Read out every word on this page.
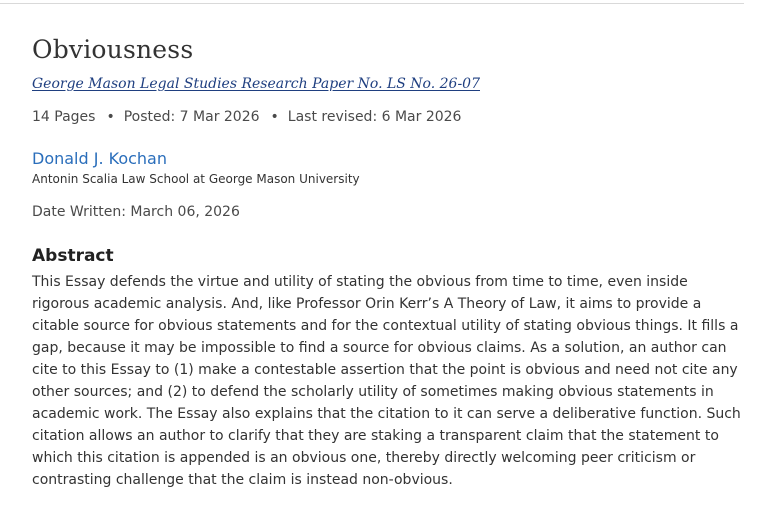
Obviousness
George Mason Legal Studies Research Paper No. LS No. 26-07
14 Pages • Posted: 7 Mar 2026 • Last revised: 6 Mar 2026
Donald J. Kochan
Antonin Scalia Law School at George Mason University
Date Written: March 06, 2026
Abstract

This Essay defends the virtue and utility of stating the obvious from time to time, even inside rigorous academic analysis. And, like Professor Orin Kerr’s A Theory of Law, it aims to provide a citable source for obvious statements and for the contextual utility of stating obvious things. It fills a gap, because it may be impossible to find a source for obvious claims. As a solution, an author can cite to this Essay to (1) make a contestable assertion that the point is obvious and need not cite any other sources; and (2) to defend the scholarly utility of sometimes making obvious statements in academic work. The Essay also explains that the citation to it can serve a deliberative function. Such citation allows an author to clarify that they are staking a transparent claim that the statement to which this citation is appended is an obvious one, thereby directly welcoming peer criticism or contrasting challenge that the claim is instead non-obvious.
